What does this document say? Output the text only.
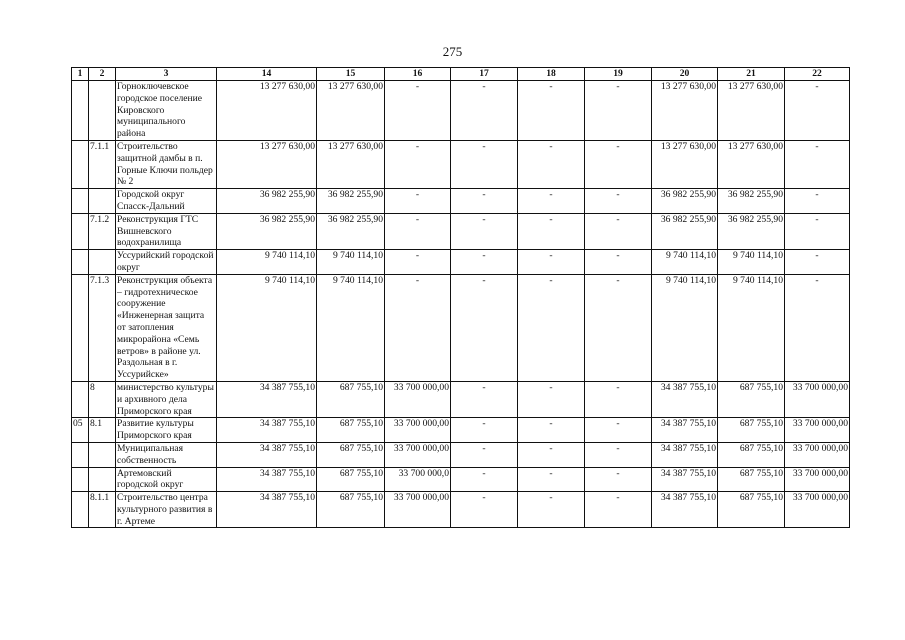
275
1	2	3	14	15	16	17	18	19	20	21	22
		Горноключевское городское поселение Кировского муниципального района	13 277 630,00	13 277 630,00	-	-	-	-	13 277 630,00	13 277 630,00	-
	7.1.1	Строительство защитной дамбы в п. Горные Ключи польдер № 2	13 277 630,00	13 277 630,00	-	-	-	-	13 277 630,00	13 277 630,00	-
		Городской округ Спасск-Дальний	36 982 255,90	36 982 255,90	-	-	-	-	36 982 255,90	36 982 255,90	-
	7.1.2	Реконструкция ГТС Вишневского водохранилища	36 982 255,90	36 982 255,90	-	-	-	-	36 982 255,90	36 982 255,90	-
		Уссурийский городской округ	9 740 114,10	9 740 114,10	-	-	-	-	9 740 114,10	9 740 114,10	-
	7.1.3	Реконструкция объекта – гидротехническое сооружение «Инженерная защита от затопления микрорайона «Семь ветров» в районе ул. Раздольная в г. Уссурийске»	9 740 114,10	9 740 114,10	-	-	-	-	9 740 114,10	9 740 114,10	-
	8	министерство культуры и архивного дела Приморского края	34 387 755,10	687 755,10	33 700 000,00	-	-	-	34 387 755,10	687 755,10	33 700 000,00
05	8.1	Развитие культуры Приморского края	34 387 755,10	687 755,10	33 700 000,00	-	-	-	34 387 755,10	687 755,10	33 700 000,00
		Муниципальная собственность	34 387 755,10	687 755,10	33 700 000,00	-	-	-	34 387 755,10	687 755,10	33 700 000,00
		Артемовский городской округ	34 387 755,10	687 755,10	33 700 000,0	-	-	-	34 387 755,10	687 755,10	33 700 000,00
	8.1.1	Строительство центра культурного развития в г. Артеме	34 387 755,10	687 755,10	33 700 000,00	-	-	-	34 387 755,10	687 755,10	33 700 000,00
